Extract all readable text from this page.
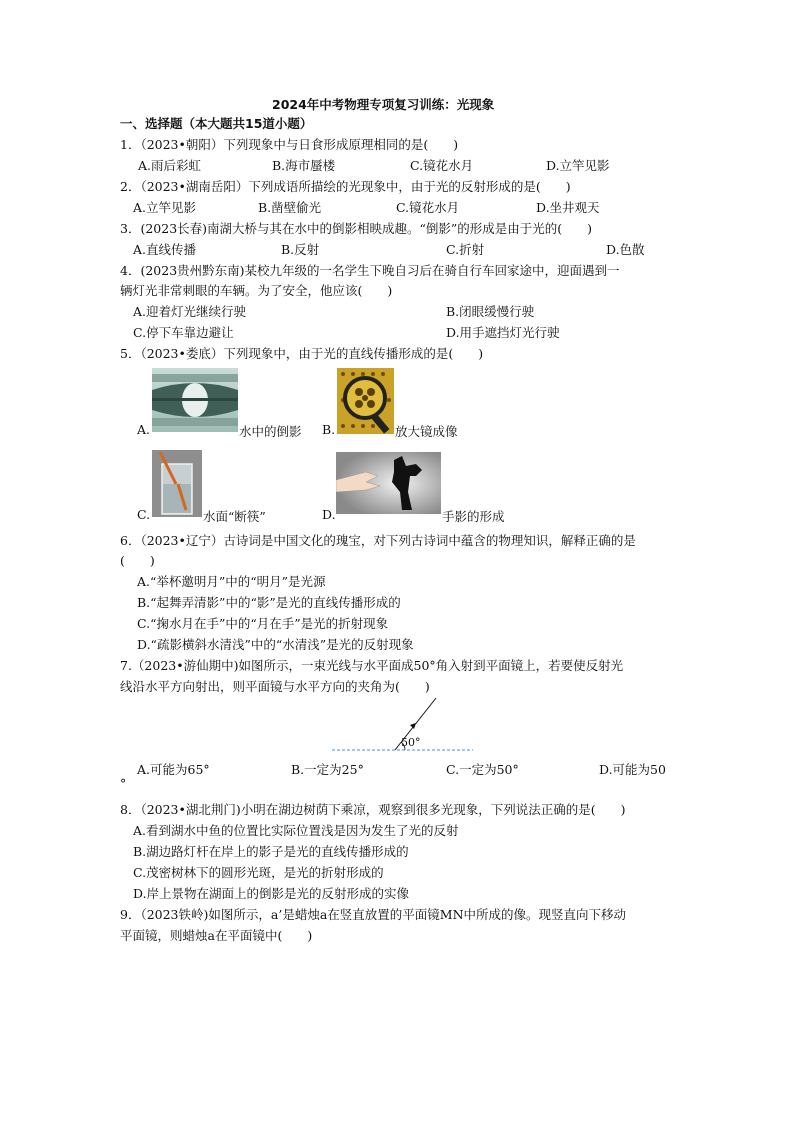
2024年中考物理专项复习训练：光现象
一、选择题（本大题共15道小题）
1．（2023•朝阳）下列现象中与日食形成原理相同的是(　　)
A.雨后彩虹	B.海市蜃楼	C.镜花水月	D.立竿见影
2．（2023•湖南岳阳）下列成语所描绘的光现象中，由于光的反射形成的是(　　)
A.立竿见影	B.凿壁偷光	C.镜花水月	D.坐井观天
3．(2023长春)南湖大桥与其在水中的倒影相映成趣。“倒影”的形成是由于光的(　　)
A.直线传播	B.反射	C.折射	D.色散
4．(2023贵州黔东南)某校九年级的一名学生下晚自习后在骑自行车回家途中，迎面遇到一
辆灯光非常刺眼的车辆。为了安全，他应该(　　)
A.迎着灯光继续行驶	B.闭眼缓慢行驶
C.停下车靠边避让	D.用手遮挡灯光行驶
5．（2023•娄底）下列现象中，由于光的直线传播形成的是(　　)
A.	水中的倒影 B.	放大镜成像
C.	水面“断筷”	D.	手影的形成
6．（2023•辽宁）古诗词是中国文化的瑰宝，对下列古诗词中蕴含的物理知识，解释正确的是
(　　)
A.“举杯邀明月”中的“明月”是光源
B.“起舞弄清影”中的“影”是光的直线传播形成的
C.“掬水月在手”中的“月在手”是光的折射现象
D.“疏影横斜水清浅”中的“水清浅”是光的反射现象
7.（2023•游仙期中)如图所示，一束光线与水平面成50°角入射到平面镜上，若要使反射光
线沿水平方向射出，则平面镜与水平方向的夹角为(　　)
50°
A.可能为65°	B.一定为25°	C.一定为50°	D.可能为50
°
8．（2023•湖北荆门)小明在湖边树荫下乘凉，观察到很多光现象，下列说法正确的是(　　)
A.看到湖水中鱼的位置比实际位置浅是因为发生了光的反射
B.湖边路灯杆在岸上的影子是光的直线传播形成的
C.茂密树林下的圆形光斑，是光的折射形成的
D.岸上景物在湖面上的倒影是光的反射形成的实像
9．（2023铁岭)如图所示，a’是蜡烛a在竖直放置的平面镜MN中所成的像。现竖直向下移动
平面镜，则蜡烛a在平面镜中(　　)
